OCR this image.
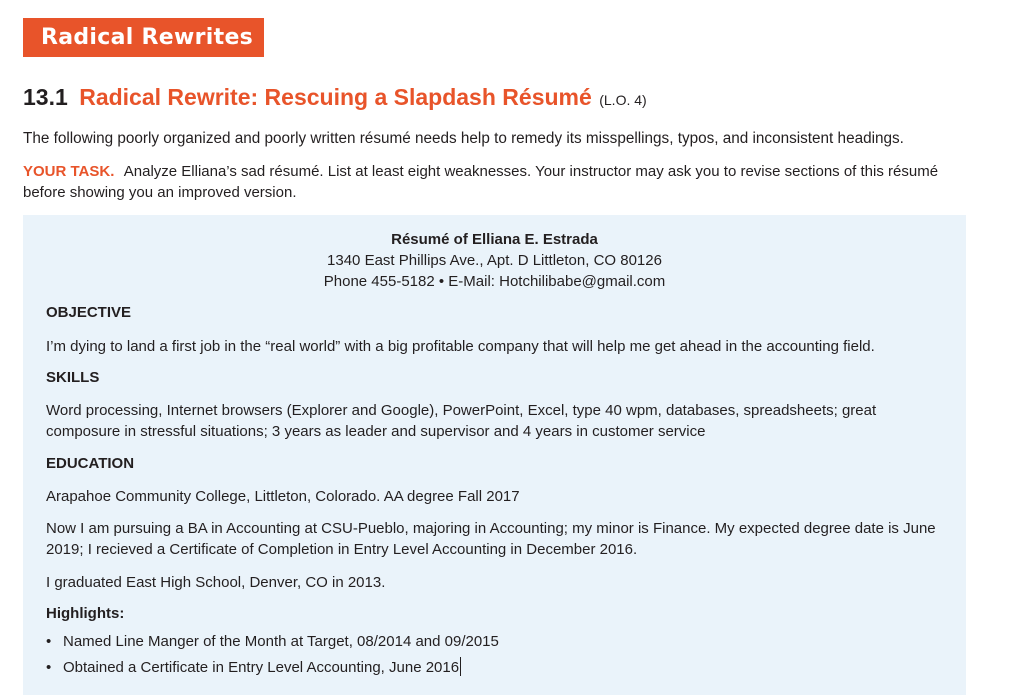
Radical Rewrites
13.1 Radical Rewrite: Rescuing a Slapdash Résumé (L.O. 4)
The following poorly organized and poorly written résumé needs help to remedy its misspellings, typos, and inconsistent headings.
YOUR TASK. Analyze Elliana’s sad résumé. List at least eight weaknesses. Your instructor may ask you to revise sections of this résumé before showing you an improved version.
Résumé of Elliana E. Estrada
1340 East Phillips Ave., Apt. D Littleton, CO 80126
Phone 455-5182 • E-Mail: Hotchilibabe@gmail.com
OBJECTIVE
I’m dying to land a first job in the “real world” with a big profitable company that will help me get ahead in the accounting field.
SKILLS
Word processing, Internet browsers (Explorer and Google), PowerPoint, Excel, type 40 wpm, databases, spreadsheets; great composure in stressful situations; 3 years as leader and supervisor and 4 years in customer service
EDUCATION
Arapahoe Community College, Littleton, Colorado. AA degree Fall 2017
Now I am pursuing a BA in Accounting at CSU-Pueblo, majoring in Accounting; my minor is Finance. My expected degree date is June 2019; I recieved a Certificate of Completion in Entry Level Accounting in December 2016.
I graduated East High School, Denver, CO in 2013.
Highlights:
• Named Line Manger of the Month at Target, 08/2014 and 09/2015
• Obtained a Certificate in Entry Level Accounting, June 2016
